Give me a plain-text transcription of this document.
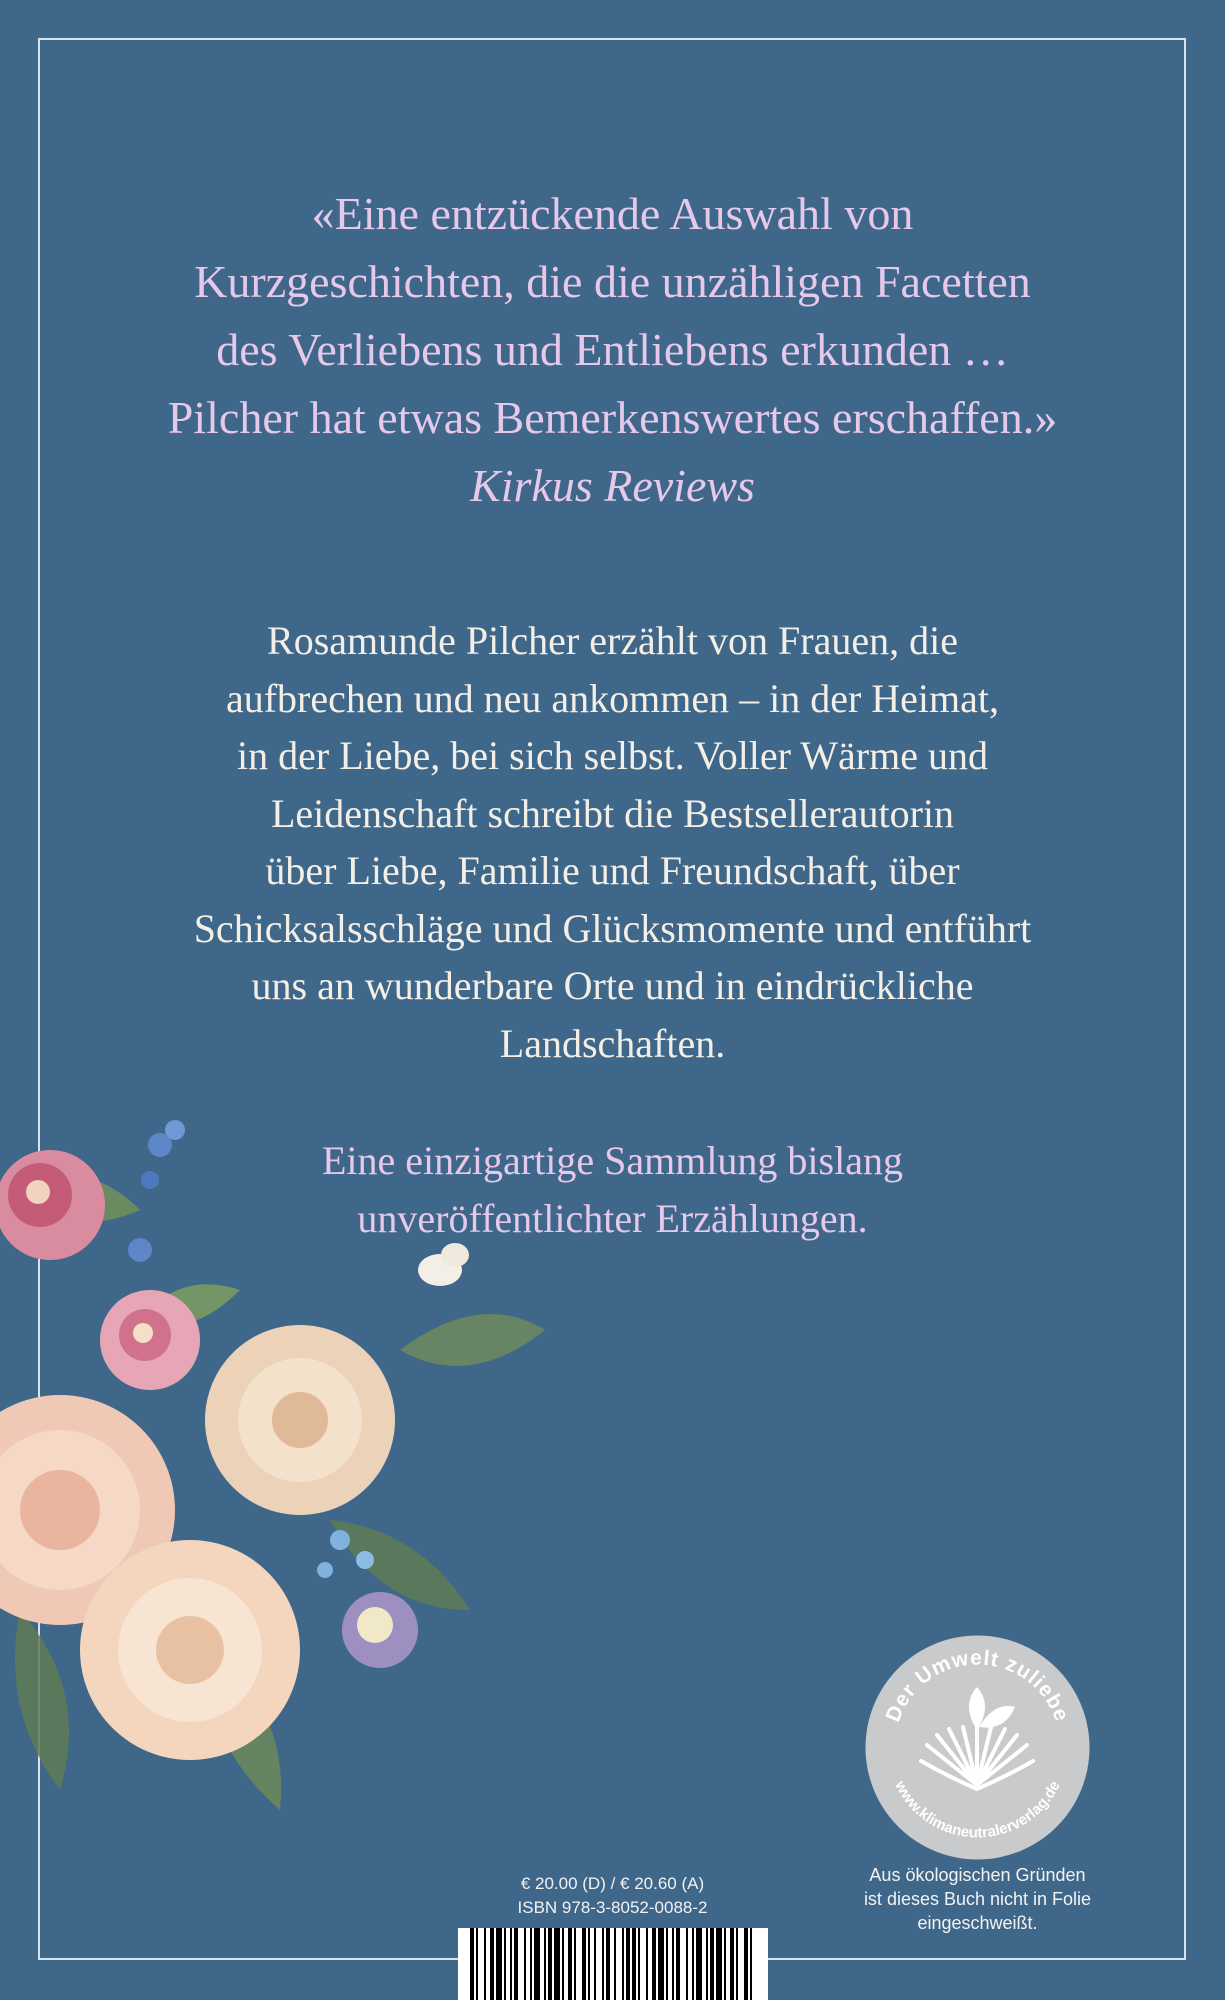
«Eine entzückende Auswahl von
Kurzgeschichten, die die unzähligen Facetten
des Verliebens und Entliebens erkunden …
Pilcher hat etwas Bemerkenswertes erschaffen.»
Kirkus Reviews
Rosamunde Pilcher erzählt von Frauen, die
aufbrechen und neu ankommen – in der Heimat,
in der Liebe, bei sich selbst. Voller Wärme und
Leidenschaft schreibt die Bestsellerautorin
über Liebe, Familie und Freundschaft, über
Schicksalsschläge und Glücksmomente und entführt
uns an wunderbare Orte und in eindrückliche
Landschaften.
Eine einzigartige Sammlung bislang
unveröffentlichter Erzählungen.
Der Umwelt zuliebe
www.klimaneutralerverlag.de
Aus ökologischen Gründen
ist dieses Buch nicht in Folie
eingeschweißt.
€ 20.00 (D) / € 20.60 (A)
ISBN 978-3-8052-0088-2
